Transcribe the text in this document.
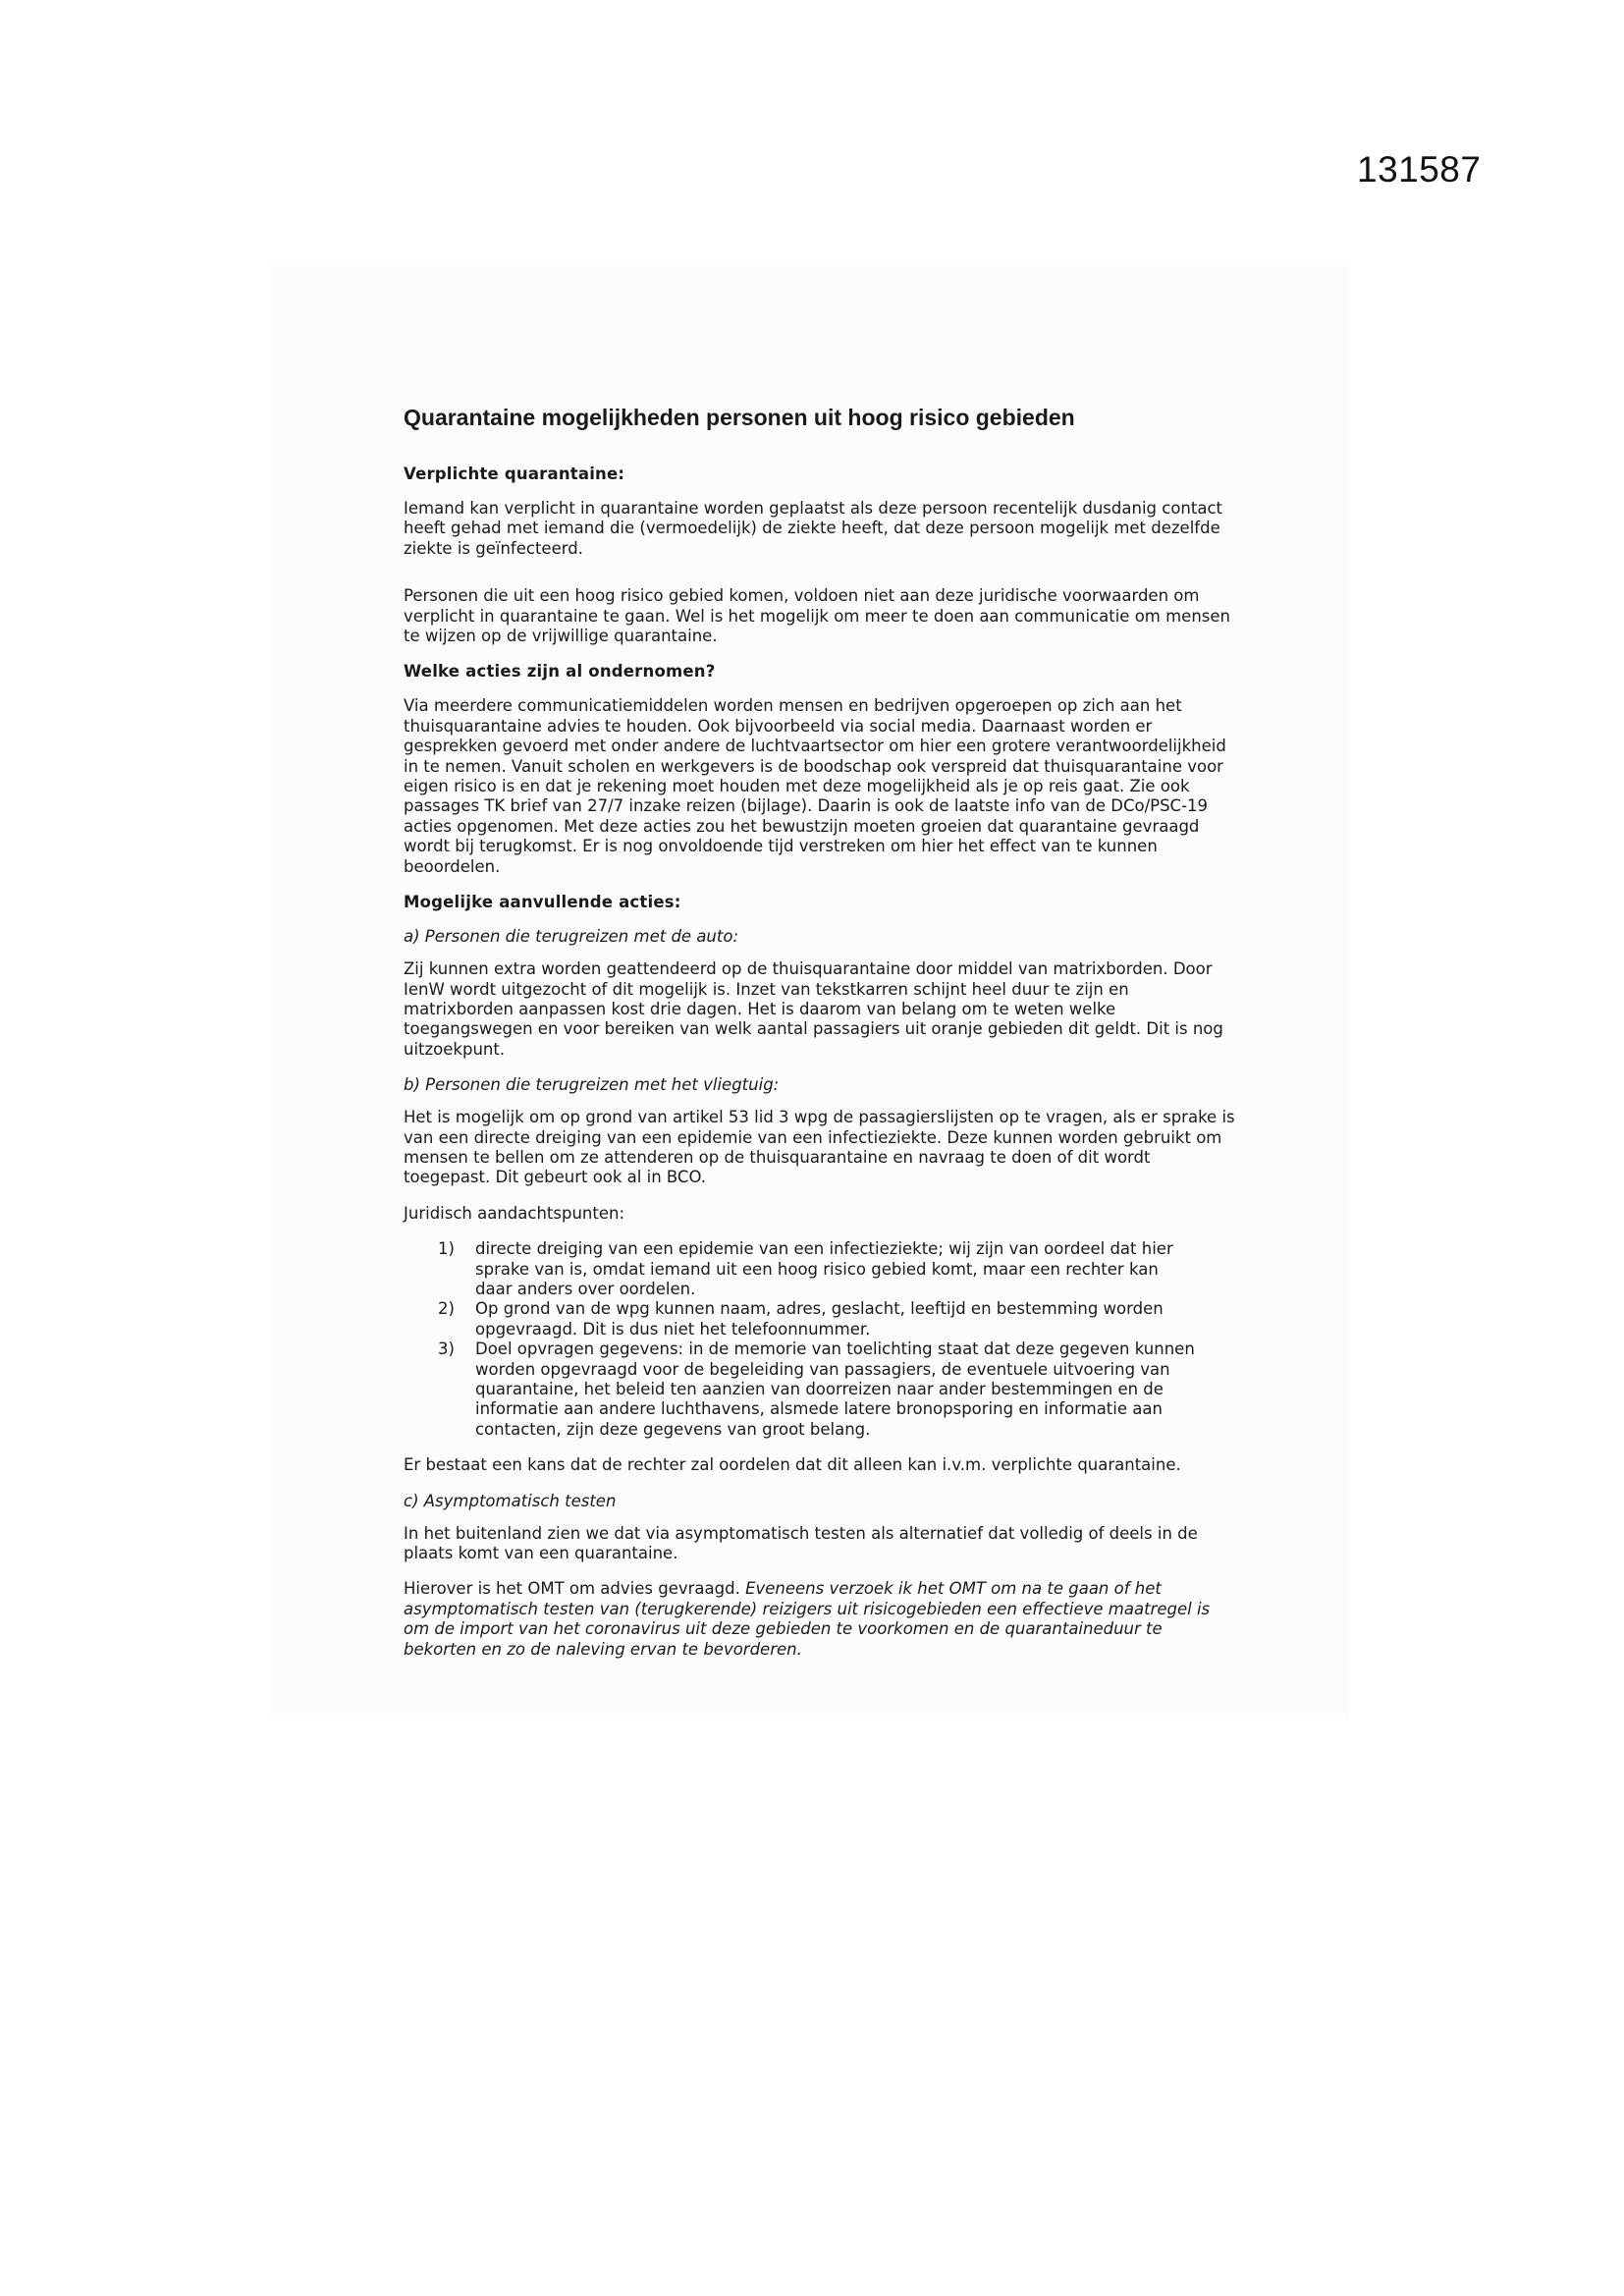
131587
Quarantaine mogelijkheden personen uit hoog risico gebieden
Verplichte quarantaine:

Iemand kan verplicht in quarantaine worden geplaatst als deze persoon recentelijk dusdanig contact heeft gehad met iemand die (vermoedelijk) de ziekte heeft, dat deze persoon mogelijk met dezelfde ziekte is geïnfecteerd.

Personen die uit een hoog risico gebied komen, voldoen niet aan deze juridische voorwaarden om verplicht in quarantaine te gaan. Wel is het mogelijk om meer te doen aan communicatie om mensen te wijzen op de vrijwillige quarantaine.

Welke acties zijn al ondernomen?

Via meerdere communicatiemiddelen worden mensen en bedrijven opgeroepen op zich aan het thuisquarantaine advies te houden. Ook bijvoorbeeld via social media. Daarnaast worden er gesprekken gevoerd met onder andere de luchtvaartsector om hier een grotere verantwoordelijkheid in te nemen. Vanuit scholen en werkgevers is de boodschap ook verspreid dat thuisquarantaine voor eigen risico is en dat je rekening moet houden met deze mogelijkheid als je op reis gaat. Zie ook passages TK brief van 27/7 inzake reizen (bijlage). Daarin is ook de laatste info van de DCo/PSC-19 acties opgenomen. Met deze acties zou het bewustzijn moeten groeien dat quarantaine gevraagd wordt bij terugkomst. Er is nog onvoldoende tijd verstreken om hier het effect van te kunnen beoordelen.

Mogelijke aanvullende acties:
a) Personen die terugreizen met de auto:

Zij kunnen extra worden geattendeerd op de thuisquarantaine door middel van matrixborden. Door IenW wordt uitgezocht of dit mogelijk is. Inzet van tekstkarren schijnt heel duur te zijn en matrixborden aanpassen kost drie dagen. Het is daarom van belang om te weten welke toegangswegen en voor bereiken van welk aantal passagiers uit oranje gebieden dit geldt. Dit is nog uitzoekpunt.

b) Personen die terugreizen met het vliegtuig:

Het is mogelijk om op grond van artikel 53 lid 3 wpg de passagierslijsten op te vragen, als er sprake is van een directe dreiging van een epidemie van een infectieziekte. Deze kunnen worden gebruikt om mensen te bellen om ze attenderen op de thuisquarantaine en navraag te doen of dit wordt toegepast. Dit gebeurt ook al in BCO.

Juridisch aandachtspunten:

1)	directe dreiging van een epidemie van een infectieziekte; wij zijn van oordeel dat hier sprake van is, omdat iemand uit een hoog risico gebied komt, maar een rechter kan daar anders over oordelen.
2)	Op grond van de wpg kunnen naam, adres, geslacht, leeftijd en bestemming worden opgevraagd. Dit is dus niet het telefoonnummer.
3)	Doel opvragen gegevens: in de memorie van toelichting staat dat deze gegeven kunnen worden opgevraagd voor de begeleiding van passagiers, de eventuele uitvoering van quarantaine, het beleid ten aanzien van doorreizen naar ander bestemmingen en de informatie aan andere luchthavens, alsmede latere bronopsporing en informatie aan contacten, zijn deze gegevens van groot belang.

Er bestaat een kans dat de rechter zal oordelen dat dit alleen kan i.v.m. verplichte quarantaine.

c) Asymptomatisch testen

In het buitenland zien we dat via asymptomatisch testen als alternatief dat volledig of deels in de plaats komt van een quarantaine.

Hierover is het OMT om advies gevraagd. Eveneens verzoek ik het OMT om na te gaan of het asymptomatisch testen van (terugkerende) reizigers uit risicogebieden een effectieve maatregel is om de import van het coronavirus uit deze gebieden te voorkomen en de quarantaineduur te bekorten en zo de naleving ervan te bevorderen.
